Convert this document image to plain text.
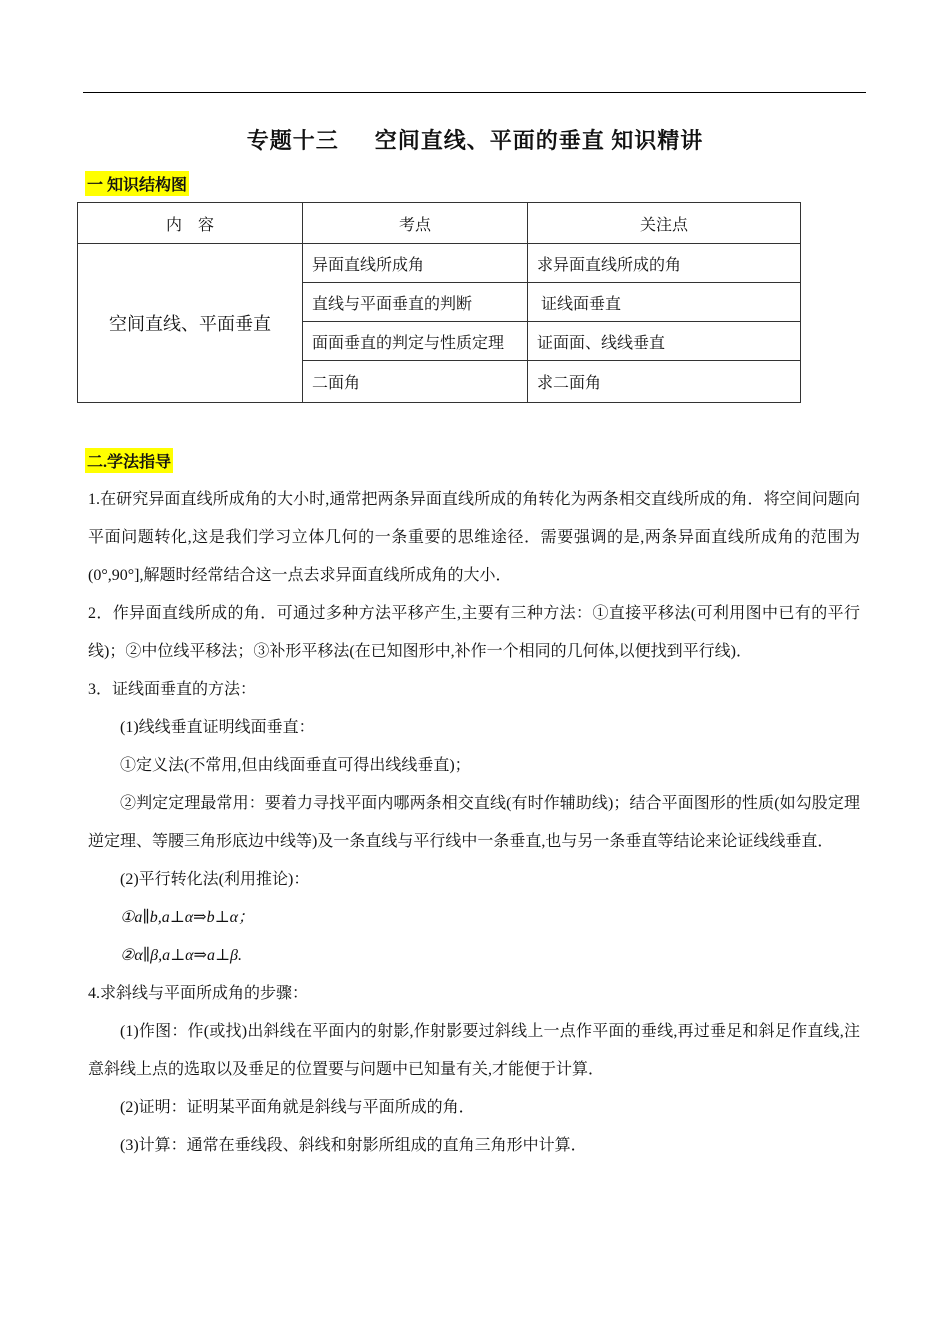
专题十三 空间直线、平面的垂直 知识精讲
一 知识结构图
内　容	考点	关注点
空间直线、平面垂直	异面直线所成角	求异面直线所成的角
	直线与平面垂直的判断	证线面垂直
	面面垂直的判定与性质定理	证面面、线线垂直
	二面角	求二面角
二.学法指导

1.在研究异面直线所成角的大小时,通常把两条异面直线所成的角转化为两条相交直线所成的角．将空间问题向平面问题转化,这是我们学习立体几何的一条重要的思维途径．需要强调的是,两条异面直线所成角的范围为(0°,90°],解题时经常结合这一点去求异面直线所成角的大小．

2．作异面直线所成的角．可通过多种方法平移产生,主要有三种方法：①直接平移法(可利用图中已有的平行线)；②中位线平移法；③补形平移法(在已知图形中,补作一个相同的几何体,以便找到平行线)．

3．证线面垂直的方法：

(1)线线垂直证明线面垂直：

①定义法(不常用,但由线面垂直可得出线线垂直)；

②判定定理最常用：要着力寻找平面内哪两条相交直线(有时作辅助线)；结合平面图形的性质(如勾股定理逆定理、等腰三角形底边中线等)及一条直线与平行线中一条垂直,也与另一条垂直等结论来论证线线垂直．

(2)平行转化法(利用推论)：

①a∥b,a⊥α⇒b⊥α；

②α∥β,a⊥α⇒a⊥β.

4.求斜线与平面所成角的步骤：

(1)作图：作(或找)出斜线在平面内的射影,作射影要过斜线上一点作平面的垂线,再过垂足和斜足作直线,注意斜线上点的选取以及垂足的位置要与问题中已知量有关,才能便于计算．

(2)证明：证明某平面角就是斜线与平面所成的角．

(3)计算：通常在垂线段、斜线和射影所组成的直角三角形中计算．
